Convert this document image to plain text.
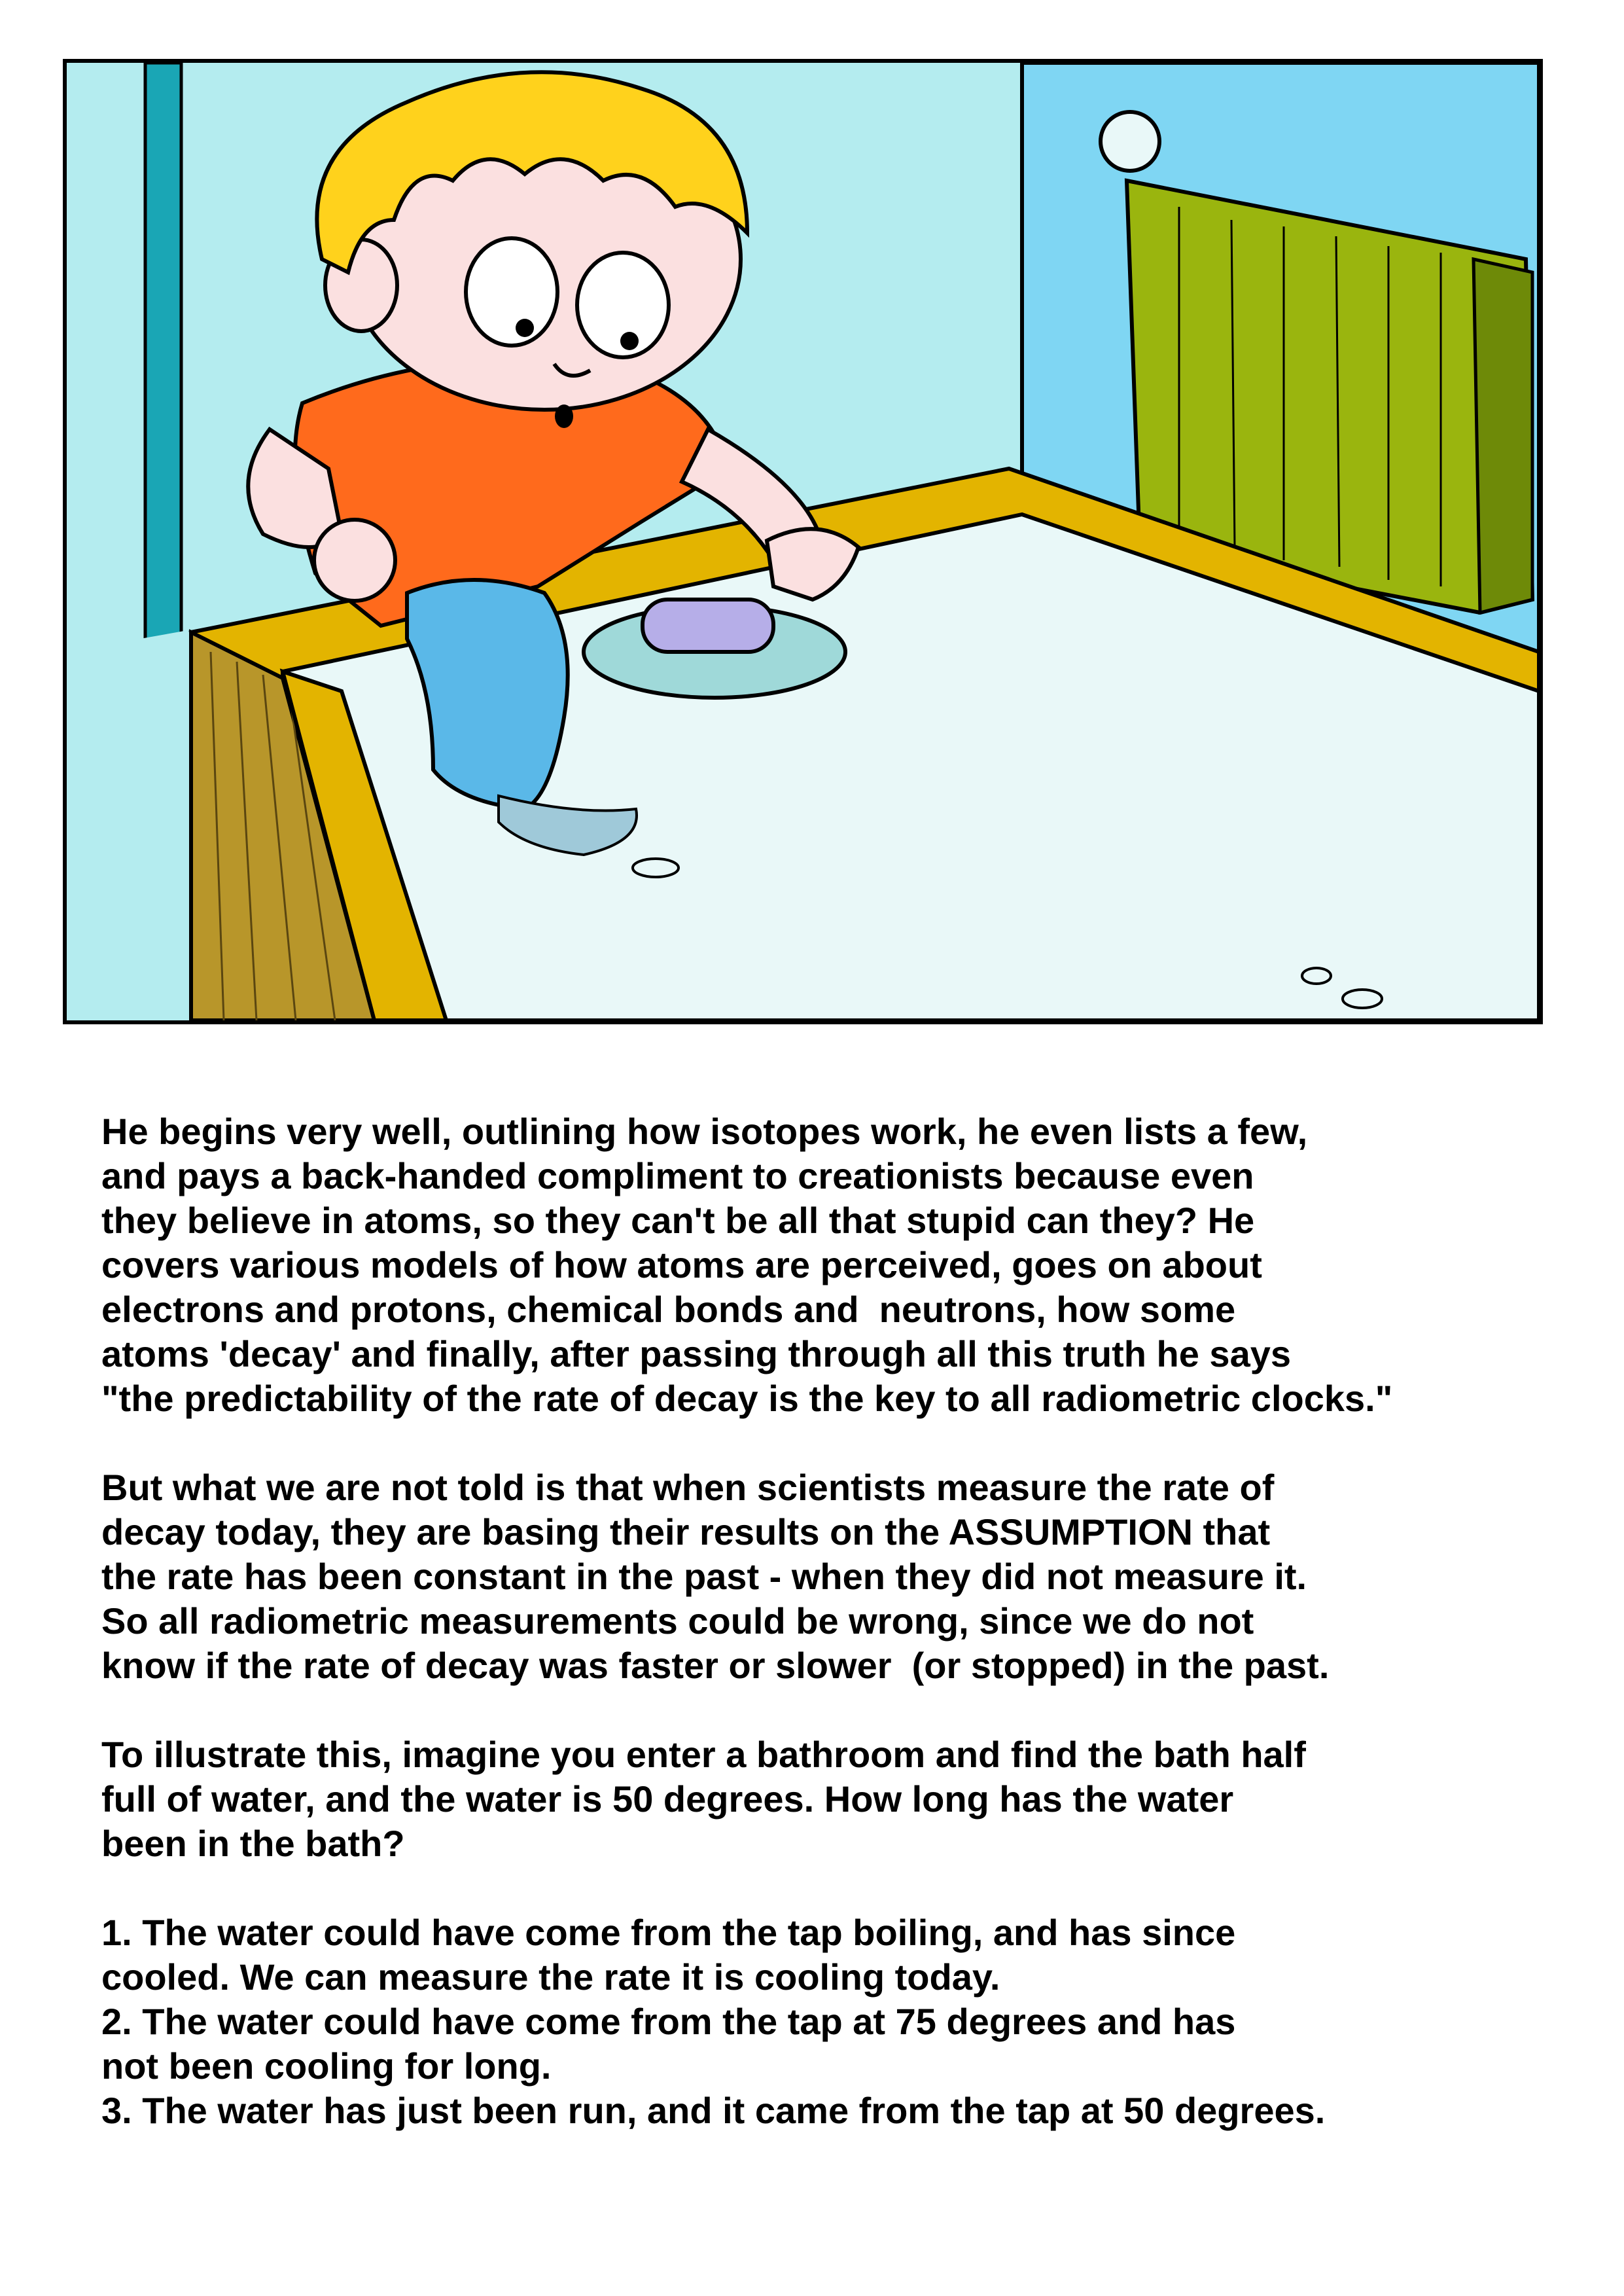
He begins very well, outlining how isotopes work, he even lists a few,
and pays a back-handed compliment to creationists because even
they believe in atoms, so they can't be all that stupid can they? He
covers various models of how atoms are perceived, goes on about
electrons and protons, chemical bonds and  neutrons, how some
atoms 'decay' and finally, after passing through all this truth he says
"the predictability of the rate of decay is the key to all radiometric clocks."

But what we are not told is that when scientists measure the rate of
decay today, they are basing their results on the ASSUMPTION that
the rate has been constant in the past - when they did not measure it.
So all radiometric measurements could be wrong, since we do not
know if the rate of decay was faster or slower  (or stopped) in the past.

To illustrate this, imagine you enter a bathroom and find the bath half
full of water, and the water is 50 degrees. How long has the water
been in the bath?

1. The water could have come from the tap boiling, and has since
cooled. We can measure the rate it is cooling today.
2. The water could have come from the tap at 75 degrees and has
not been cooling for long.
3. The water has just been run, and it came from the tap at 50 degrees.
